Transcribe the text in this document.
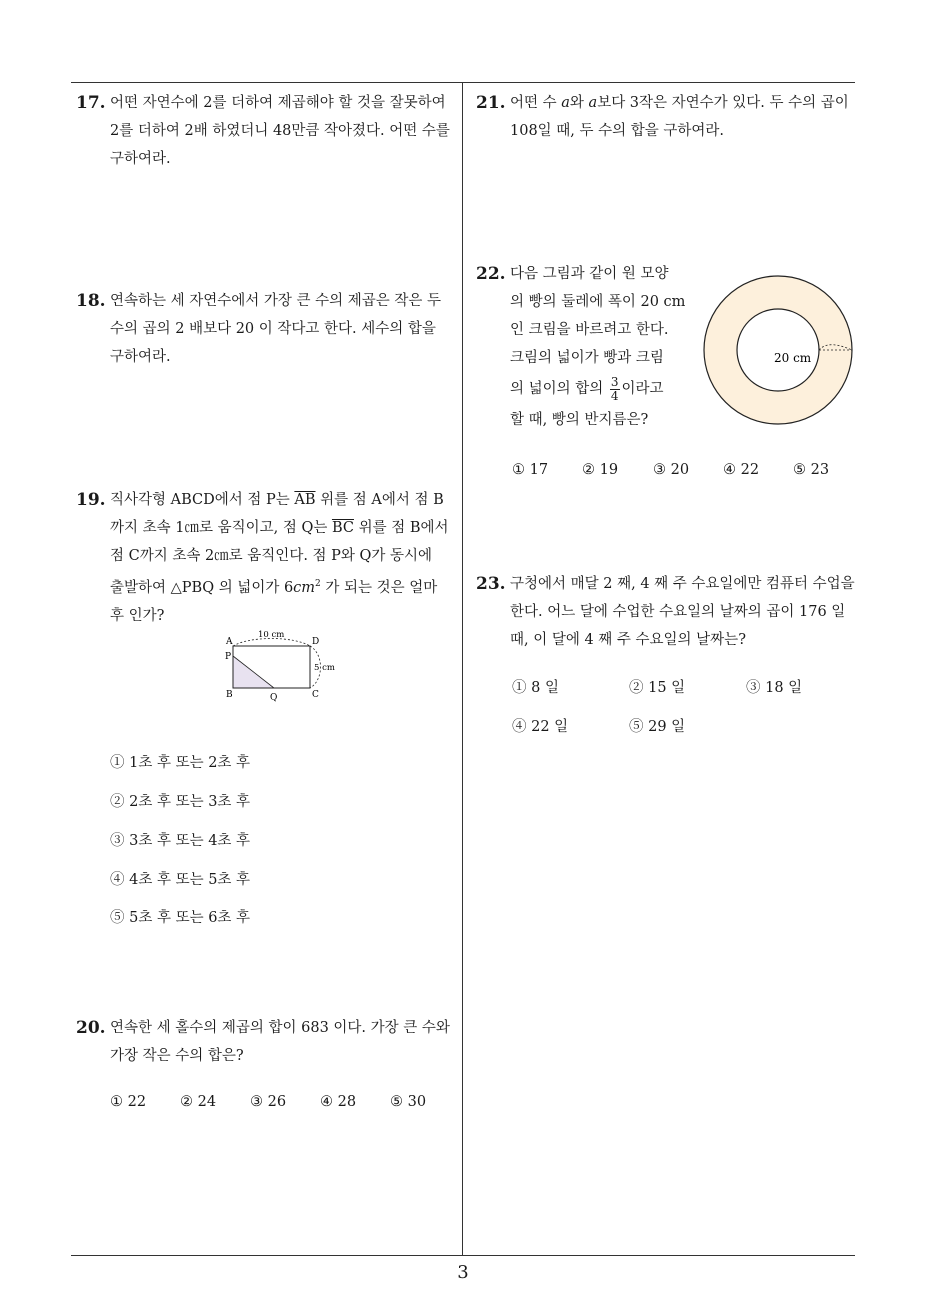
17. 어떤 자연수에 2를 더하여 제곱해야 할 것을 잘못하여
2를 더하여 2배 하였더니 48만큼 작아졌다. 어떤 수를
구하여라.
18. 연속하는 세 자연수에서 가장 큰 수의 제곱은 작은 두
수의 곱의 2 배보다 20 이 작다고 한다. 세수의 합을
구하여라.
19. 직사각형 ABCD에서 점 P는 $\overline{AB}$ 위를 점 A에서 점 B
까지 초속 1㎝로 움직이고, 점 Q는 $\overline{BC}$ 위를 점 B에서
점 C까지 초속 2㎝로 움직인다. 점 P와 Q가 동시에
출발하여 △PBQ 의 넓이가 $6cm^2$ 가 되는 것은 얼마
후 인가?
A	D
P
B	Q	C
10 cm
5 cm
① 1초 후 또는 2초 후
② 2초 후 또는 3초 후
③ 3초 후 또는 4초 후
④ 4초 후 또는 5초 후
⑤ 5초 후 또는 6초 후
20. 연속한 세 홀수의 제곱의 합이 683 이다. 가장 큰 수와
가장 작은 수의 합은?
① 22 ② 24 ③ 26 ④ 28 ⑤ 30
21. 어떤 수 a와 a보다 3작은 자연수가 있다. 두 수의 곱이
108일 때, 두 수의 합을 구하여라.
22. 다음 그림과 같이 원 모양
의 빵의 둘레에 폭이 20 cm
인 크림을 바르려고 한다.
크림의 넓이가 빵과 크림
의 넓이의 합의 $\frac{3}{4}$ 이라고
할 때, 빵의 반지름은?
20 cm
① 17 ② 19 ③ 20 ④ 22 ⑤ 23
23. 구청에서 매달 2 째, 4 째 주 수요일에만 컴퓨터 수업을
한다. 어느 달에 수업한 수요일의 날짜의 곱이 176 일
때, 이 달에 4 째 주 수요일의 날짜는?
① 8 일	② 15 일	③ 18 일
④ 22 일	⑤ 29 일
3
